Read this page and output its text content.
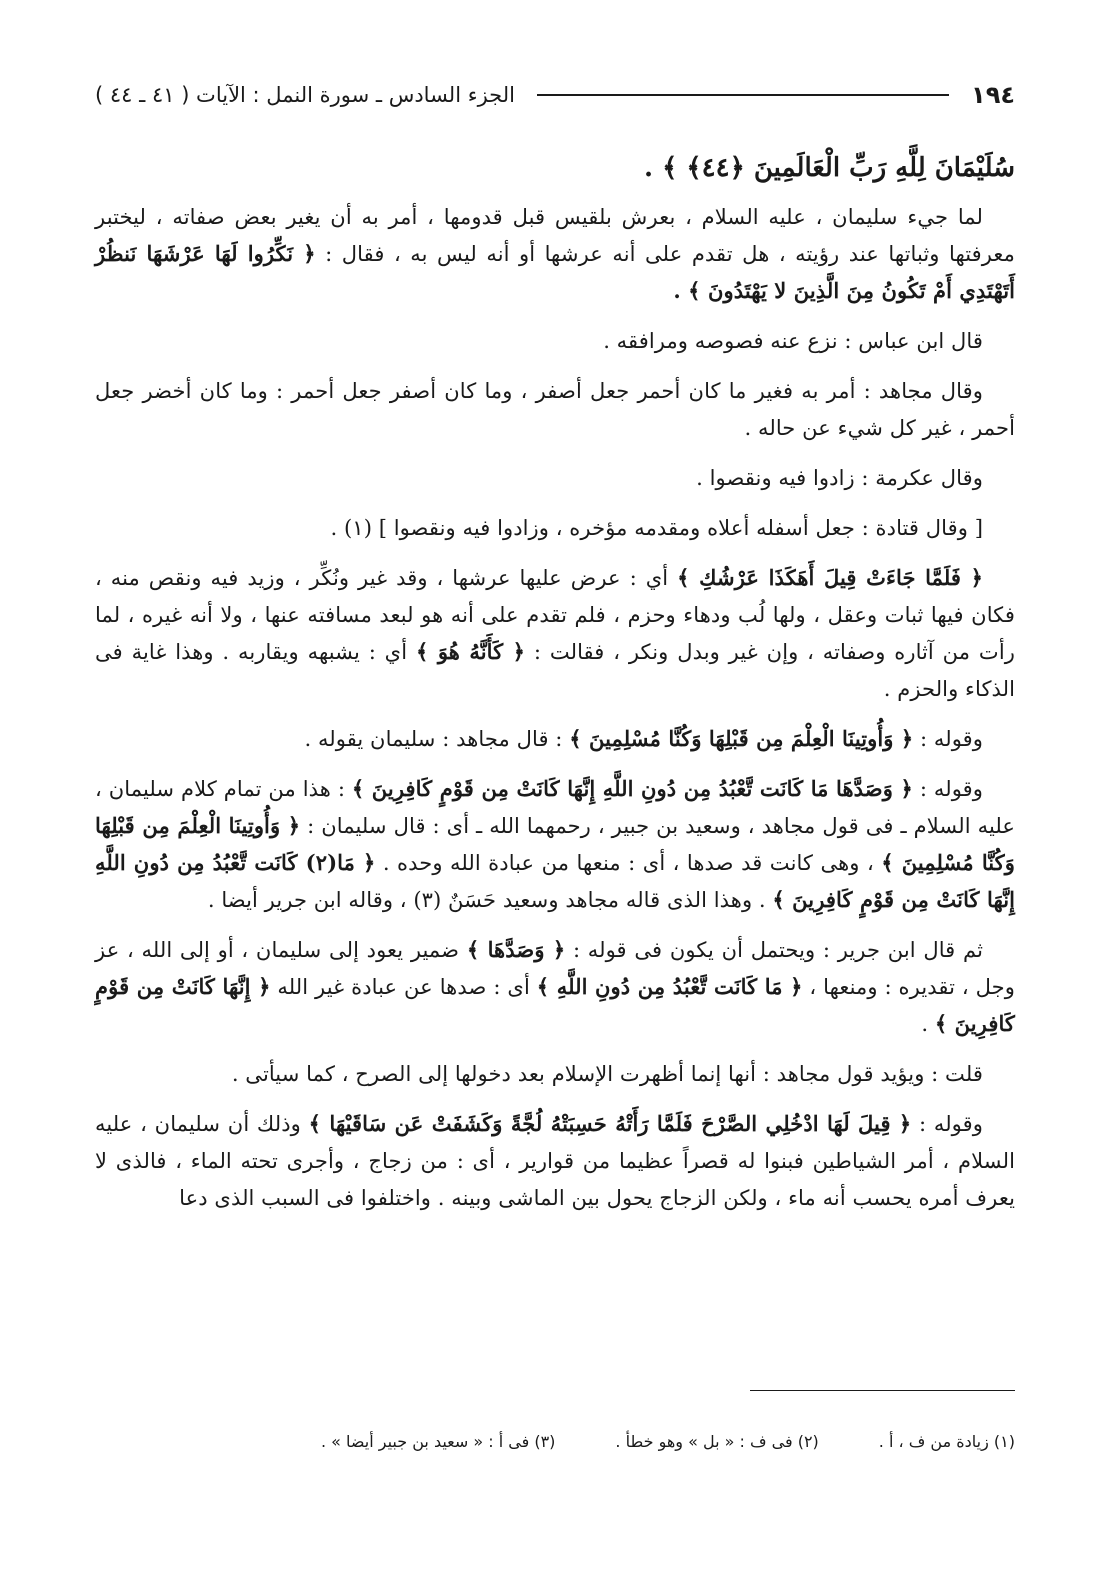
١٩٤
الجزء السادس ـ سورة النمل : الآيات ( ٤١ ـ ٤٤ )

سُلَيْمَانَ لِلَّهِ رَبِّ الْعَالَمِينَ ﴿٤٤﴾ ﴾ .

لما جيء سليمان ، عليه السلام ، بعرش بلقيس قبل قدومها ، أمر به أن يغير بعض صفاته ، ليختبر معرفتها وثباتها عند رؤيته ، هل تقدم على أنه عرشها أو أنه ليس به ، فقال : ﴿ نَكِّرُوا لَهَا عَرْشَهَا نَنظُرْ أَتَهْتَدِي أَمْ تَكُونُ مِنَ الَّذِينَ لا يَهْتَدُونَ ﴾ .

قال ابن عباس : نزع عنه فصوصه ومرافقه .

وقال مجاهد : أمر به فغير ما كان أحمر جعل أصفر ، وما كان أصفر جعل أحمر : وما كان أخضر جعل أحمر ، غير كل شيء عن حاله .

وقال عكرمة : زادوا فيه ونقصوا .

[ وقال قتادة : جعل أسفله أعلاه ومقدمه مؤخره ، وزادوا فيه ونقصوا ] (١) .

﴿ فَلَمَّا جَاءَتْ قِيلَ أَهَكَذَا عَرْشُكِ ﴾ أي : عرض عليها عرشها ، وقد غير ونُكِّر ، وزيد فيه ونقص منه ، فكان فيها ثبات وعقل ، ولها لُب ودهاء وحزم ، فلم تقدم على أنه هو لبعد مسافته عنها ، ولا أنه غيره ، لما رأت من آثاره وصفاته ، وإن غير وبدل ونكر ، فقالت : ﴿ كَأَنَّهُ هُوَ ﴾ أي : يشبهه ويقاربه . وهذا غاية فى الذكاء والحزم .

وقوله : ﴿ وَأُوتِينَا الْعِلْمَ مِن قَبْلِهَا وَكُنَّا مُسْلِمِينَ ﴾ : قال مجاهد : سليمان يقوله .

وقوله : ﴿ وَصَدَّهَا مَا كَانَت تَّعْبُدُ مِن دُونِ اللَّهِ إِنَّهَا كَانَتْ مِن قَوْمٍ كَافِرِينَ ﴾ : هذا من تمام كلام سليمان ، عليه السلام ـ فى قول مجاهد ، وسعيد بن جبير ، رحمهما الله ـ أى : قال سليمان : ﴿ وَأُوتِينَا الْعِلْمَ مِن قَبْلِهَا وَكُنَّا مُسْلِمِينَ ﴾ ، وهى كانت قد صدها ، أى : منعها من عبادة الله وحده . ﴿ مَا(٢) كَانَت تَّعْبُدُ مِن دُونِ اللَّهِ إِنَّهَا كَانَتْ مِن قَوْمٍ كَافِرِينَ ﴾ . وهذا الذى قاله مجاهد وسعيد حَسَنٌ (٣) ، وقاله ابن جرير أيضا .

ثم قال ابن جرير : ويحتمل أن يكون فى قوله : ﴿ وَصَدَّهَا ﴾ ضمير يعود إلى سليمان ، أو إلى الله ، عز وجل ، تقديره : ومنعها ، ﴿ مَا كَانَت تَّعْبُدُ مِن دُونِ اللَّهِ ﴾ أى : صدها عن عبادة غير الله ﴿ إِنَّهَا كَانَتْ مِن قَوْمٍ كَافِرِينَ ﴾ .

قلت : ويؤيد قول مجاهد : أنها إنما أظهرت الإسلام بعد دخولها إلى الصرح ، كما سيأتى .

وقوله : ﴿ قِيلَ لَهَا ادْخُلِي الصَّرْحَ فَلَمَّا رَأَتْهُ حَسِبَتْهُ لُجَّةً وَكَشَفَتْ عَن سَاقَيْهَا ﴾ وذلك أن سليمان ، عليه السلام ، أمر الشياطين فبنوا له قصراً عظيما من قوارير ، أى : من زجاج ، وأجرى تحته الماء ، فالذى لا يعرف أمره يحسب أنه ماء ، ولكن الزجاج يحول بين الماشى وبينه . واختلفوا فى السبب الذى دعا

(١) زيادة من ف ، أ .
(٢) فى ف : « بل » وهو خطأ .
(٣) فى أ : « سعيد بن جبير أيضا » .
